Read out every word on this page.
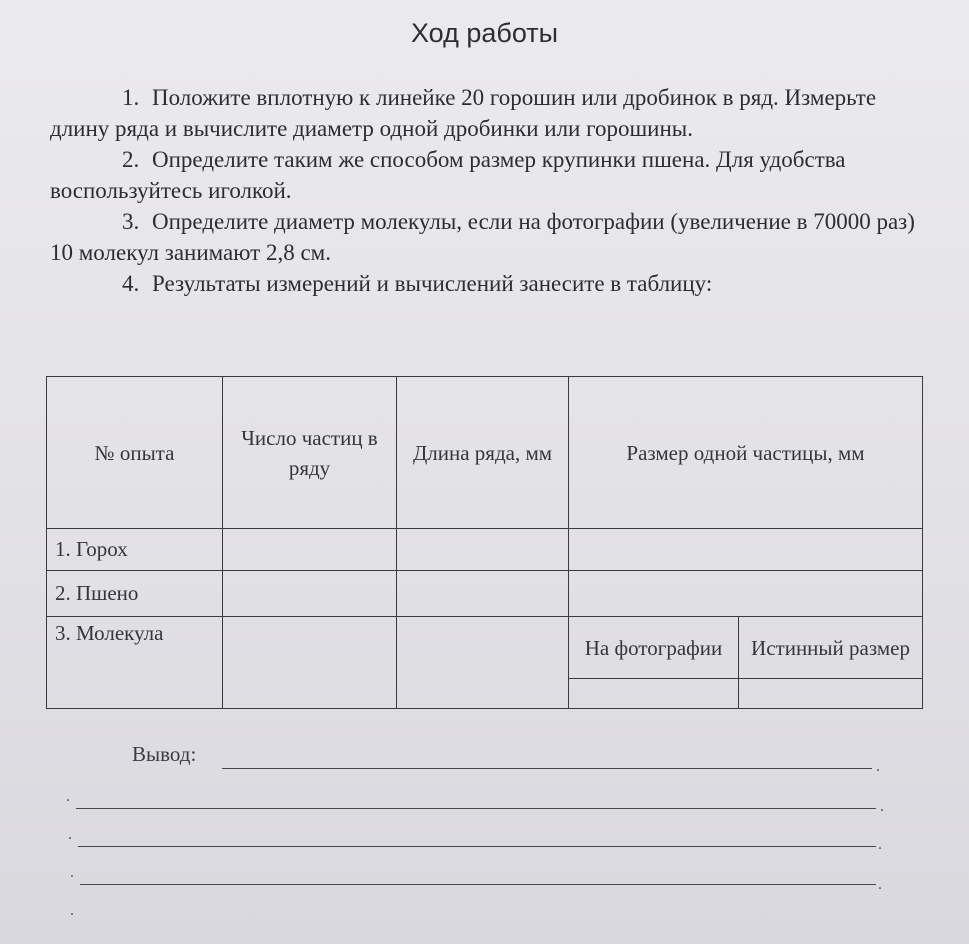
Ход работы

1. Положите вплотную к линейке 20 горошин или дробинок в ряд. Измерьте длину ряда и вычислите диаметр одной дробинки или горошины.

2. Определите таким же способом размер крупинки пшена. Для удобства воспользуйтесь иголкой.

3. Определите диаметр молекулы, если на фотографии (увеличение в 70000 раз) 10 молекул занимают 2,8 см.

4. Результаты измерений и вычислений занесите в таблицу:

№ опыта	Число частиц в ряду	Длина ряда, мм	Размер одной частицы, мм	
1. Горох				
2. Пшено				
3. Молекула			На фотографии	Истинный размер

Вывод:
.
.
.
.
.
.
.
.
